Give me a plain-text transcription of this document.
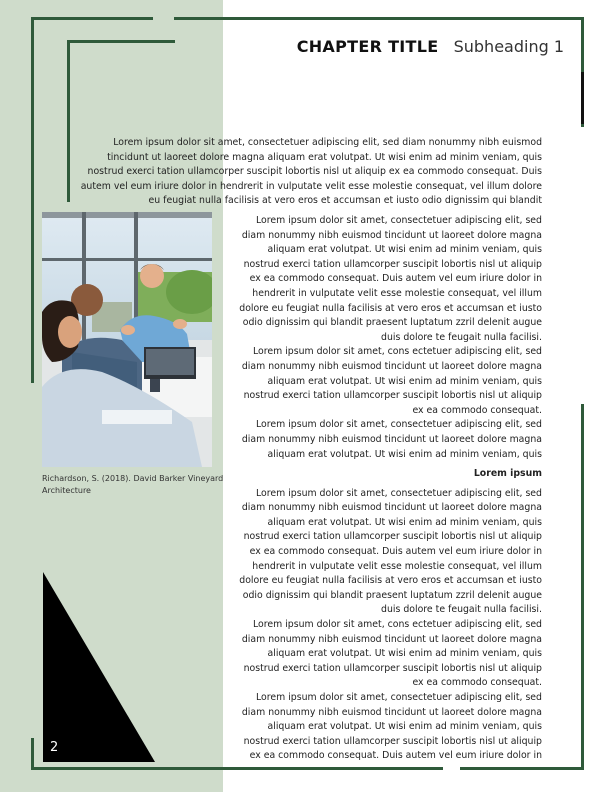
CHAPTER TITLE Subheading 1

Lorem ipsum dolor sit amet, consectetuer adipiscing elit, sed diam nonummy nibh euismod tincidunt ut laoreet dolore magna aliquam erat volutpat. Ut wisi enim ad minim veniam, quis nostrud exerci tation ullamcorper suscipit lobortis nisl ut aliquip ex ea commodo consequat. Duis autem vel eum iriure dolor in hendrerit in vulputate velit esse molestie consequat, vel illum dolore eu feugiat nulla facilisis at vero eros et accumsan et iusto odio dignissim qui blandit

Richardson, S. (2018). David Barker Vineyard Architecture

Lorem ipsum dolor sit amet, consectetuer adipiscing elit, sed diam nonummy nibh euismod tincidunt ut laoreet dolore magna aliquam erat volutpat. Ut wisi enim ad minim veniam, quis nostrud exerci tation ullamcorper suscipit lobortis nisl ut aliquip ex ea commodo consequat. Duis autem vel eum iriure dolor in hendrerit in vulputate velit esse molestie consequat, vel illum dolore eu feugiat nulla facilisis at vero eros et accumsan et iusto odio dignissim qui blandit praesent luptatum zzril delenit augue duis dolore te feugait nulla facilisi.

Lorem ipsum dolor sit amet, cons ectetuer adipiscing elit, sed diam nonummy nibh euismod tincidunt ut laoreet dolore magna aliquam erat volutpat. Ut wisi enim ad minim veniam, quis nostrud exerci tation ullamcorper suscipit lobortis nisl ut aliquip ex ea commodo consequat.

Lorem ipsum dolor sit amet, consectetuer adipiscing elit, sed diam nonummy nibh euismod tincidunt ut laoreet dolore magna aliquam erat volutpat. Ut wisi enim ad minim veniam, quis

Lorem ipsum

Lorem ipsum dolor sit amet, consectetuer adipiscing elit, sed diam nonummy nibh euismod tincidunt ut laoreet dolore magna aliquam erat volutpat. Ut wisi enim ad minim veniam, quis nostrud exerci tation ullamcorper suscipit lobortis nisl ut aliquip ex ea commodo consequat. Duis autem vel eum iriure dolor in hendrerit in vulputate velit esse molestie consequat, vel illum dolore eu feugiat nulla facilisis at vero eros et accumsan et iusto odio dignissim qui blandit praesent luptatum zzril delenit augue duis dolore te feugait nulla facilisi.

Lorem ipsum dolor sit amet, cons ectetuer adipiscing elit, sed diam nonummy nibh euismod tincidunt ut laoreet dolore magna aliquam erat volutpat. Ut wisi enim ad minim veniam, quis nostrud exerci tation ullamcorper suscipit lobortis nisl ut aliquip ex ea commodo consequat.

Lorem ipsum dolor sit amet, consectetuer adipiscing elit, sed diam nonummy nibh euismod tincidunt ut laoreet dolore magna aliquam erat volutpat. Ut wisi enim ad minim veniam, quis nostrud exerci tation ullamcorper suscipit lobortis nisl ut aliquip ex ea commodo consequat. Duis autem vel eum iriure dolor in

2
